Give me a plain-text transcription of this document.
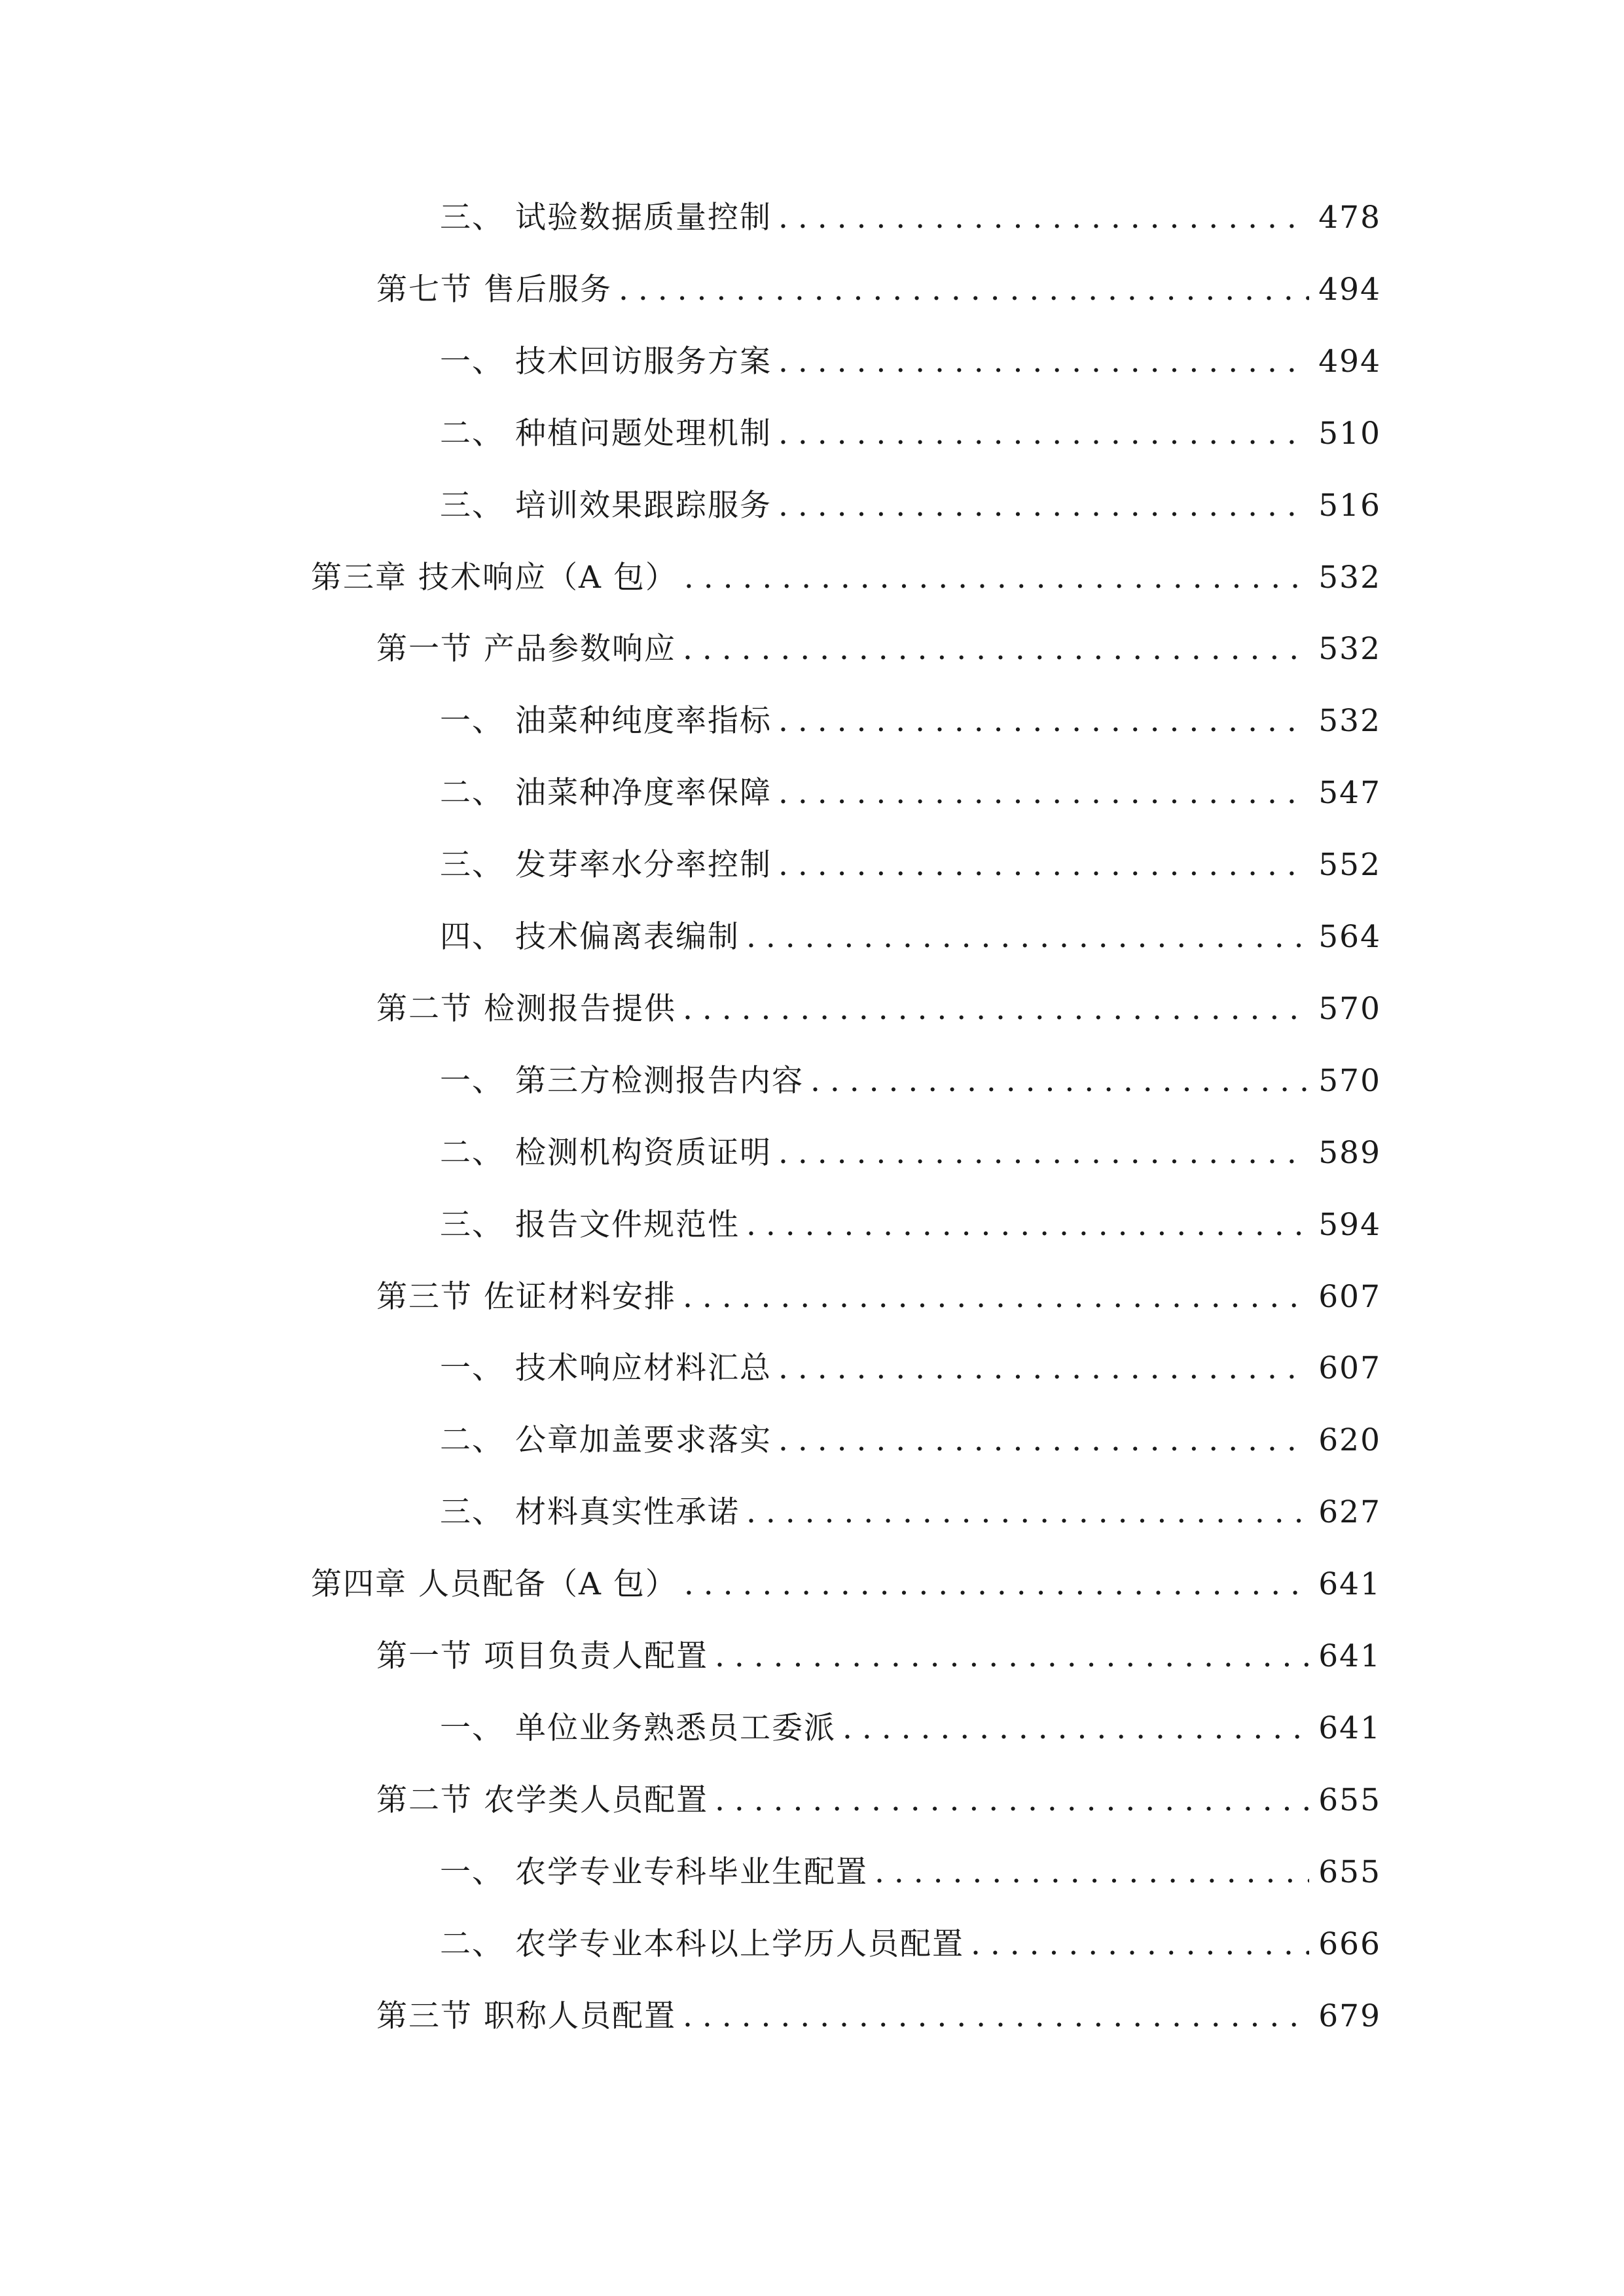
三、 试验数据质量控制 . . .	478
第七节 售后服务 . . .	494
一、 技术回访服务方案 . . .	494
二、 种植问题处理机制 . . .	510
三、 培训效果跟踪服务 . . .	516
第三章 技术响应（A 包） . . .	532
第一节 产品参数响应 . . .	532
一、 油菜种纯度率指标 . . .	532
二、 油菜种净度率保障 . . .	547
三、 发芽率水分率控制 . . .	552
四、 技术偏离表编制 . . .	564
第二节 检测报告提供 . . .	570
一、 第三方检测报告内容 . . .	570
二、 检测机构资质证明 . . .	589
三、 报告文件规范性 . . .	594
第三节 佐证材料安排 . . .	607
一、 技术响应材料汇总 . . .	607
二、 公章加盖要求落实 . . .	620
三、 材料真实性承诺 . . .	627
第四章 人员配备（A 包） . . .	641
第一节 项目负责人配置 . . .	641
一、 单位业务熟悉员工委派 . . .	641
第二节 农学类人员配置 . . .	655
一、 农学专业专科毕业生配置 . . .	655
二、 农学专业本科以上学历人员配置 . . .	666
第三节 职称人员配置 . . .	679
